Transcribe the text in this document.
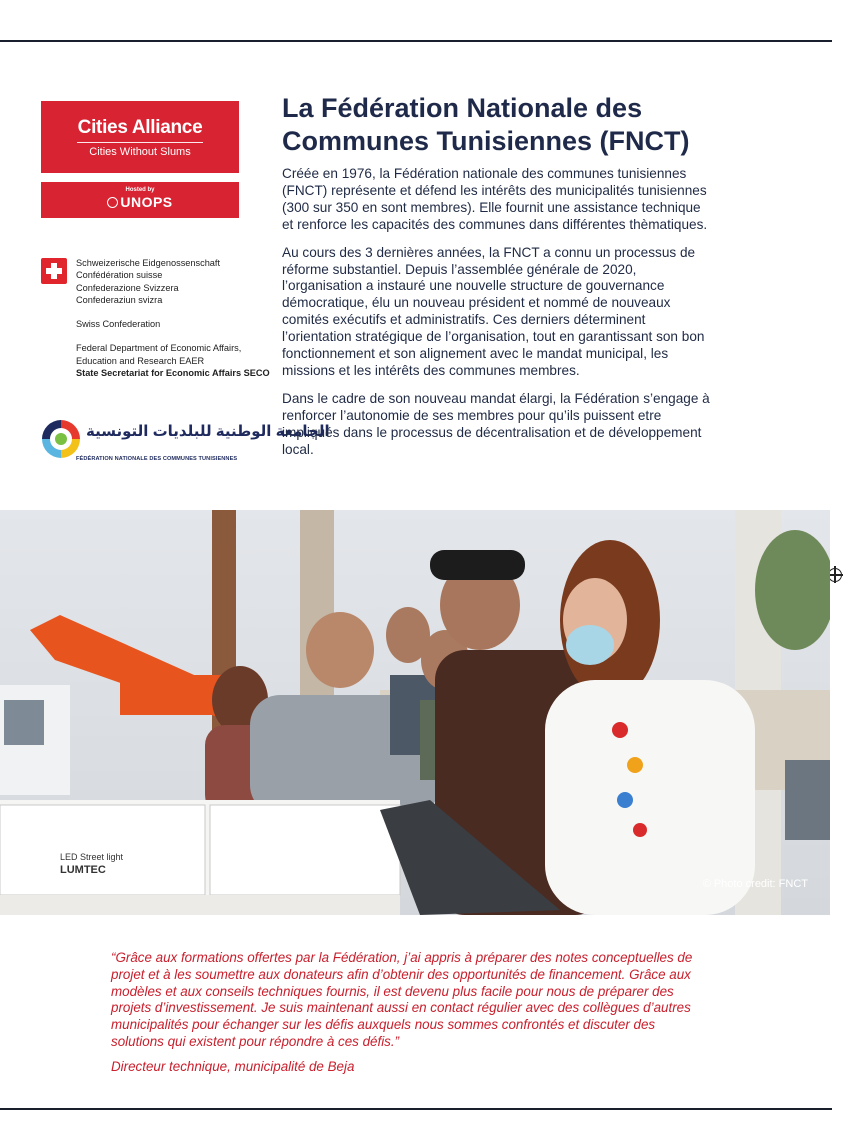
Cities Alliance
Cities Without Slums
Hosted by
UNOPS
Schweizerische Eidgenossenschaft
Confédération suisse
Confederazione Svizzera
Confederaziun svizra
Swiss Confederation
Federal Department of Economic Affairs,
Education and Research EAER
State Secretariat for Economic Affairs SECO
الجامعة الوطنية للبلديات التونسية
FÉDÉRATION NATIONALE DES COMMUNES TUNISIENNES
La Fédération Nationale des Communes Tunisiennes (FNCT)

Créée en 1976, la Fédération nationale des communes tunisiennes (FNCT) représente et défend les intérêts des municipalités tunisiennes (300 sur 350 en sont membres). Elle fournit une assistance technique et renforce les capacités des communes dans différentes thèmatiques.

Au cours des 3 dernières années, la FNCT a connu un processus de réforme substantiel. Depuis l’assemblée générale de 2020, l’organisation a instauré une nouvelle structure de gouvernance démocratique, élu un nouveau président et nommé de nouveaux comités exécutifs et administratifs. Ces derniers déterminent l’orientation stratégique de l’organisation, tout en garantissant son bon fonctionnement et son alignement avec le mandat municipal, les missions et les intérêts des communes membres.

Dans le cadre de son nouveau mandat élargi, la Fédération s’engage à renforcer l’autonomie de ses membres pour qu’ils puissent etre impliqués dans le processus de décentralisation et de développement local.

LUMTEC
LED Street light
© Photo credit: FNCT
“Grâce aux formations offertes par la Fédération, j’ai appris à préparer des notes conceptuelles de projet et à les soumettre aux donateurs afin d’obtenir des opportunités de financement. Grâce aux modèles et aux conseils techniques fournis, il est devenu plus facile pour nous de préparer des projets d’investissement. Je suis maintenant aussi en contact régulier avec des collègues d’autres municipalités pour échanger sur les défis auxquels nous sommes confrontés et discuter des solutions qui existent pour répondre à ces défis.”
Directeur technique, municipalité de Beja
